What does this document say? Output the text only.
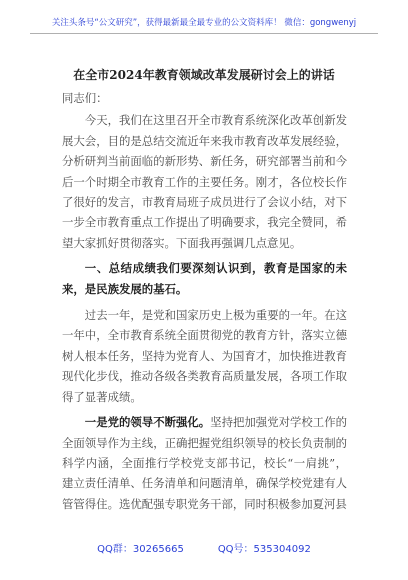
关注头条号“公文研究”，获得最新最全最专业的公文资料库！ 微信：gongwenyj
在全市2024年教育领域改革发展研讨会上的讲话

同志们：

今天，我们在这里召开全市教育系统深化改革创新发展大会，目的是总结交流近年来我市教育改革发展经验，分析研判当前面临的新形势、新任务，研究部署当前和今后一个时期全市教育工作的主要任务。刚才，各位校长作了很好的发言，市教育局班子成员进行了会议小结，对下一步全市教育重点工作提出了明确要求，我完全赞同，希望大家抓好贯彻落实。下面我再强调几点意见。

一、总结成绩我们要深刻认识到，教育是国家的未来，是民族发展的基石。

过去一年，是党和国家历史上极为重要的一年。在这一年中，全市教育系统全面贯彻党的教育方针，落实立德树人根本任务，坚持为党育人、为国育才，加快推进教育现代化步伐，推动各级各类教育高质量发展，各项工作取得了显著成绩。

一是党的领导不断强化。坚持把加强党对学校工作的全面领导作为主线，正确把握党组织领导的校长负责制的科学内涵，全面推行学校党支部书记，校长“一肩挑”，建立责任清单、任务清单和问题清单，确保学校党建有人管管得住。选优配强专职党务干部，同时积极参加夏河县

QQ群：30265665	QQ号：535304092
